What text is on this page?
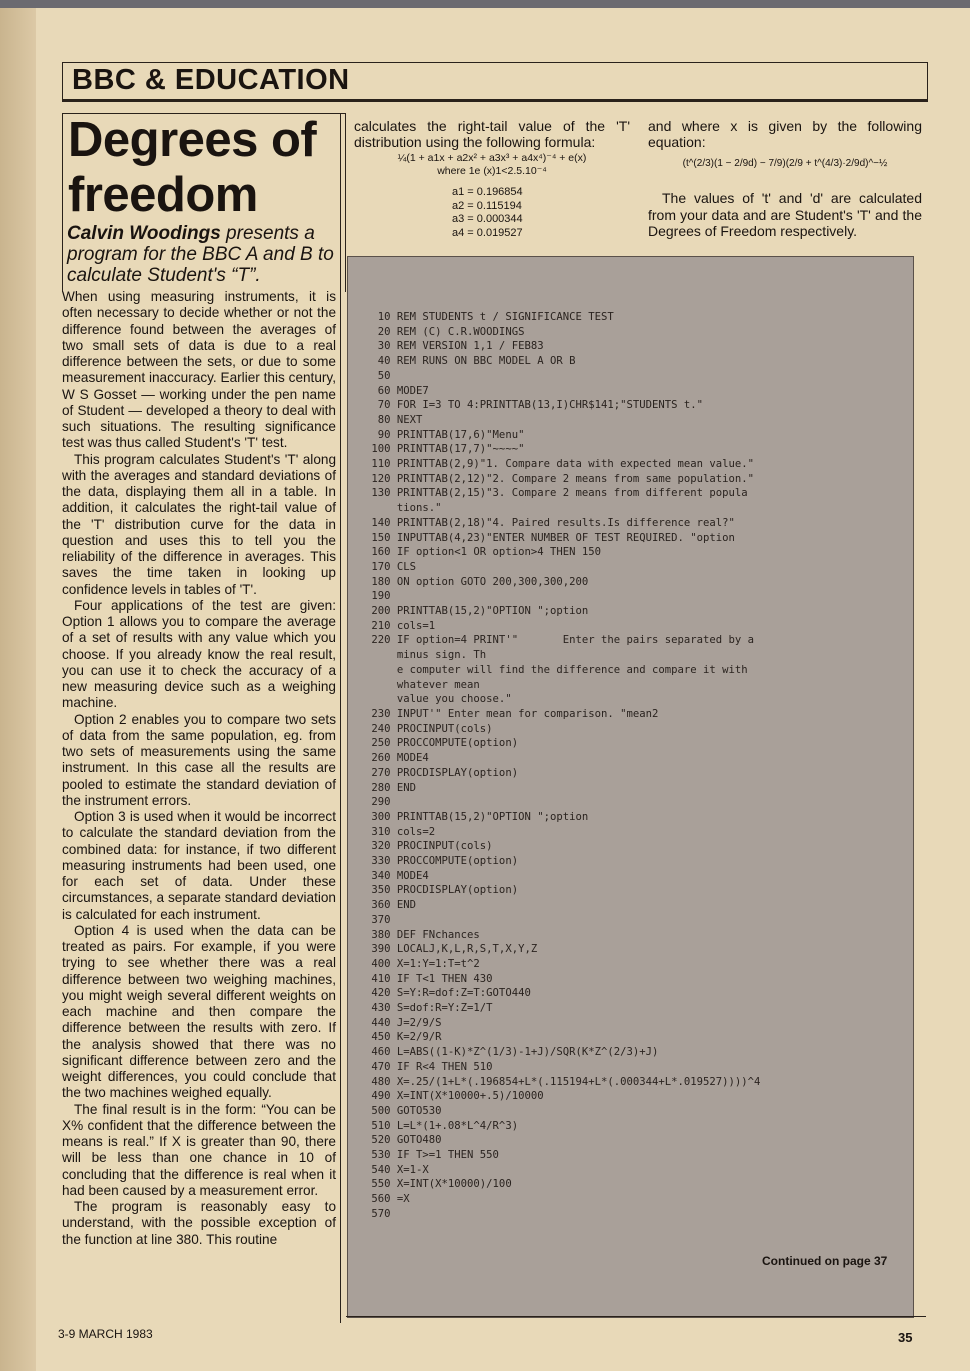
BBC & EDUCATION
Degrees of freedom
Calvin Woodings presents a program for the BBC A and B to calculate Student's “T”.

When using measuring instruments, it is often necessary to decide whether or not the difference found between the averages of two small sets of data is due to a real difference between the sets, or due to some measurement inaccuracy. Earlier this century, W S Gosset — working under the pen name of Student — developed a theory to deal with such situations. The resulting significance test was thus called Student's 'T' test.

This program calculates Student's 'T' along with the averages and standard deviations of the data, displaying them all in a table. In addition, it calculates the right-tail value of the 'T' distribution curve for the data in question and uses this to tell you the reliability of the difference in averages. This saves the time taken in looking up confidence levels in tables of 'T'.

Four applications of the test are given: Option 1 allows you to compare the average of a set of results with any value which you choose. If you already know the real result, you can use it to check the accuracy of a new measuring device such as a weighing machine.

Option 2 enables you to compare two sets of data from the same population, eg. from two sets of measurements using the same instrument. In this case all the results are pooled to estimate the standard deviation of the instrument errors.

Option 3 is used when it would be incorrect to calculate the standard deviation from the combined data: for instance, if two different measuring instruments had been used, one for each set of data. Under these circumstances, a separate standard deviation is calculated for each instrument.

Option 4 is used when the data can be treated as pairs. For example, if you were trying to see whether there was a real difference between two weighing machines, you might weigh several different weights on each machine and then compare the difference between the results with zero. If the analysis showed that there was no significant difference between zero and the weight differences, you could conclude that the two machines weighed equally.

The final result is in the form: “You can be X% confident that the difference between the means is real.” If X is greater than 90, there will be less than one chance in 10 of concluding that the difference is real when it had been caused by a measurement error.

The program is reasonably easy to understand, with the possible exception of the function at line 380. This routine

calculates the right-tail value of the 'T' distribution using the following formula:
¼(1 + a1x + a2x² + a3x³ + a4x⁴)⁻⁴ + e(x)
where 1e (x)1<2.5.10⁻⁴
a1 = 0.196854
a2 = 0.115194
a3 = 0.000344
a4 = 0.019527
and where x is given by the following equation:
(t^(2/3)(1 − 2/9d) − 7/9)(2/9 + t^(4/3)·2/9d)^−½
The values of 't' and 'd' are calculated from your data and are Student's 'T' and the Degrees of Freedom respectively.
10 REM STUDENTS t / SIGNIFICANCE TEST
20 REM (C) C.R.WOODINGS
30 REM VERSION 1,1 / FEB83
40 REM RUNS ON BBC MODEL A OR B
50
60 MODE7
70 FOR I=3 TO 4:PRINTTAB(13,I)CHR$141;"STUDENTS t."
80 NEXT
90 PRINTTAB(17,6)"Menu"
100 PRINTTAB(17,7)"~~~~"
110 PRINTTAB(2,9)"1. Compare data with expected mean value."
120 PRINTTAB(2,12)"2. Compare 2 means from same population."
130 PRINTTAB(2,15)"3. Compare 2 means from different popula
tions."
140 PRINTTAB(2,18)"4. Paired results.Is difference real?"
150 INPUTTAB(4,23)"ENTER NUMBER OF TEST REQUIRED. "option
160 IF option<1 OR option>4 THEN 150
170 CLS
180 ON option GOTO 200,300,300,200
190
200 PRINTTAB(15,2)"OPTION ";option
210 cols=1
220 IF option=4 PRINT'"       Enter the pairs separated by a
minus sign. Th
e computer will find the difference and compare it with
whatever mean
value you choose."
230 INPUT'" Enter mean for comparison. "mean2
240 PROCINPUT(cols)
250 PROCCOMPUTE(option)
260 MODE4
270 PROCDISPLAY(option)
280 END
290
300 PRINTTAB(15,2)"OPTION ";option
310 cols=2
320 PROCINPUT(cols)
330 PROCCOMPUTE(option)
340 MODE4
350 PROCDISPLAY(option)
360 END
370
380 DEF FNchances
390 LOCALJ,K,L,R,S,T,X,Y,Z
400 X=1:Y=1:T=t^2
410 IF T<1 THEN 430
420 S=Y:R=dof:Z=T:GOTO440
430 S=dof:R=Y:Z=1/T
440 J=2/9/S
450 K=2/9/R
460 L=ABS((1-K)*Z^(1/3)-1+J)/SQR(K*Z^(2/3)+J)
470 IF R<4 THEN 510
480 X=.25/(1+L*(.196854+L*(.115194+L*(.000344+L*.019527))))^4
490 X=INT(X*10000+.5)/10000
500 GOTO530
510 L=L*(1+.08*L^4/R^3)
520 GOTO480
530 IF T>=1 THEN 550
540 X=1-X
550 X=INT(X*10000)/100
560 =X
570
Continued on page 37
3-9 MARCH 1983	35
